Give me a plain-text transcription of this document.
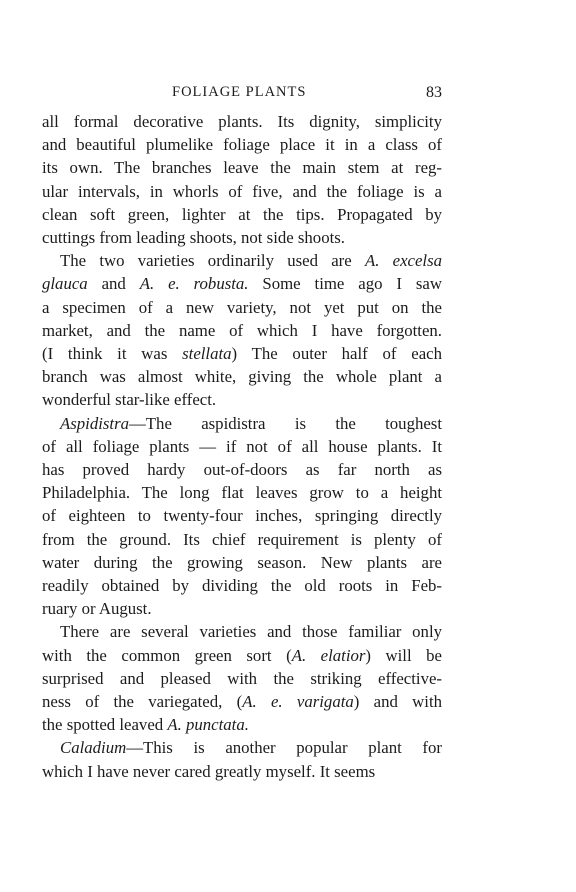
FOLIAGE PLANTS	83
all formal decorative plants. Its dignity, simplicity
and beautiful plumelike foliage place it in a class of
its own. The branches leave the main stem at reg-
ular intervals, in whorls of five, and the foliage is a
clean soft green, lighter at the tips. Propagated by
cuttings from leading shoots, not side shoots.
The two varieties ordinarily used are A. excelsa
glauca and A. e. robusta. Some time ago I saw
a specimen of a new variety, not yet put on the
market, and the name of which I have forgotten.
(I think it was stellata) The outer half of each
branch was almost white, giving the whole plant a
wonderful star-like effect.
Aspidistra—The aspidistra is the toughest
of all foliage plants — if not of all house plants. It
has proved hardy out-of-doors as far north as
Philadelphia. The long flat leaves grow to a height
of eighteen to twenty-four inches, springing directly
from the ground. Its chief requirement is plenty of
water during the growing season. New plants are
readily obtained by dividing the old roots in Feb-
ruary or August.
There are several varieties and those familiar only
with the common green sort (A. elatior) will be
surprised and pleased with the striking effective-
ness of the variegated, (A. e. varigata) and with
the spotted leaved A. punctata.
Caladium—This is another popular plant for
which I have never cared greatly myself. It seems
